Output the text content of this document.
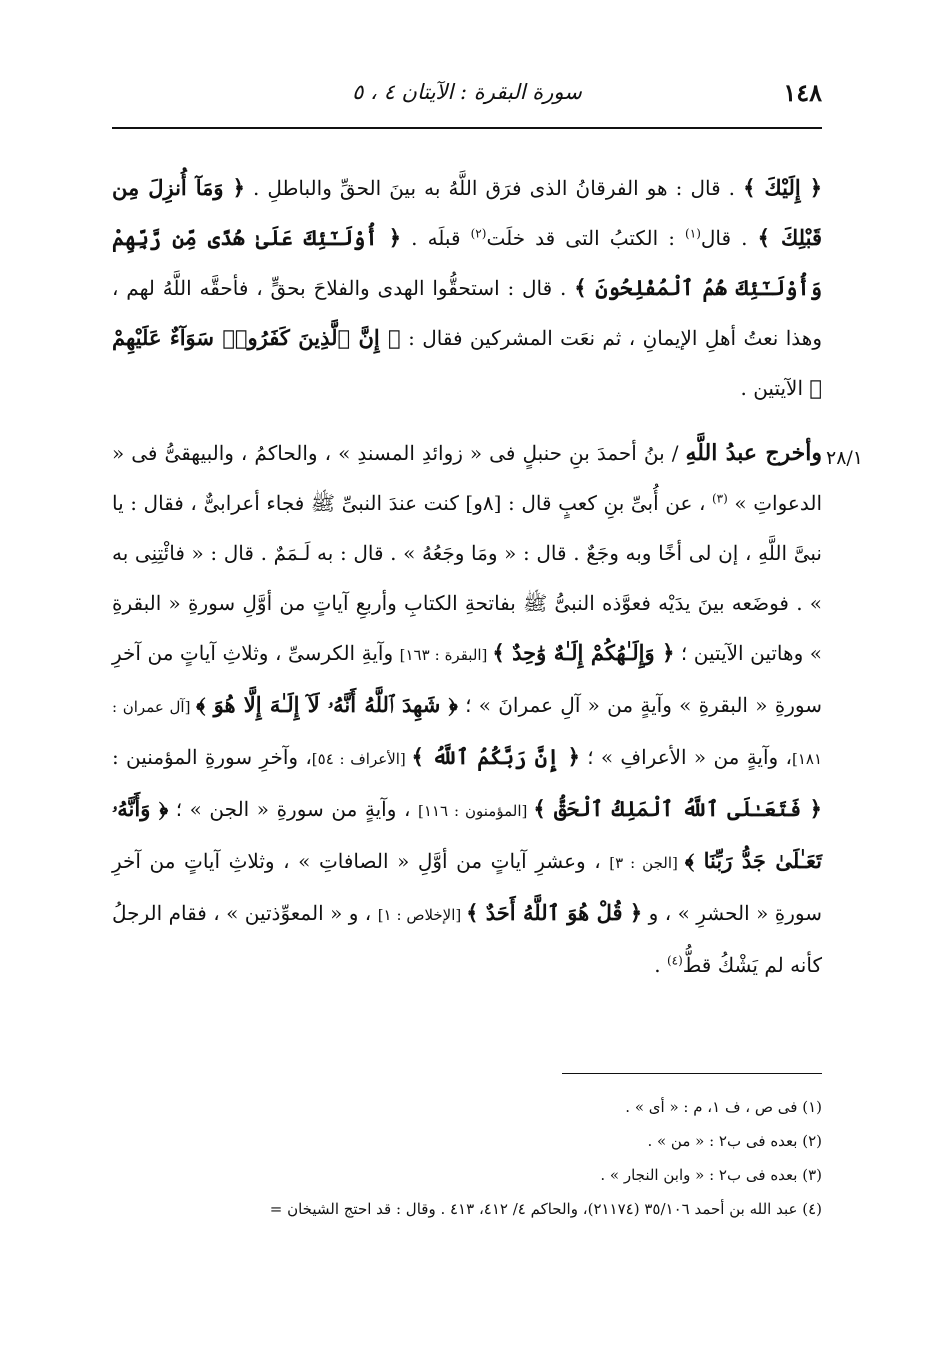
١٤٨
سورة البقرة : الآيتان ٤ ، ٥
٢٨/١
﴿ إِلَيْكَ ﴾ . قال : هو الفرقانُ الذى فرَق اللَّهُ به بينَ الحقِّ والباطلِ . ﴿ وَمَآ أُنزِلَ مِن قَبْلِكَ ﴾ . قال$^{(١)}$ : الكتبُ التى قد خلَت$^{(٢)}$ قبلَه . ﴿ أُوْلَـٰٓئِكَ عَلَىٰ هُدًى مِّن رَّبِّهِمْ وَأُوْلَـٰٓئِكَ هُمُ ٱلْمُفْلِحُونَ ﴾ . قال : استحقُّوا الهدى والفلاحَ بحقٍّ ، فأحقَّه اللَّهُ لهم ، وهذا نعتُ أهلِ الإيمانِ ، ثم نعَت المشركين فقال : ﴿ إِنَّ ٱلَّذِينَ كَفَرُوا۟ سَوَآءٌ عَلَيْهِمْ ﴾ الآيتين .
وأخرج عبدُ اللَّهِ / بنُ أحمدَ بنِ حنبلٍ فى « زوائدِ المسندِ » ، والحاكمُ ، والبيهقىُّ فى « الدعواتِ » $^{(٣)}$ ، عن أُبىِّ بنِ كعبٍ قال : [٨و] كنت عندَ النبىِّ ﷺ فجاء أعرابىٌّ ، فقال : يا نبىَّ اللَّهِ ، إن لى أخًا وبه وجَعٌ . قال : « ومَا وجَعُهُ » . قال : به لَـمَمٌ . قال : « فائْتِنِى به » . فوضَعه بينَ يدَيْه فعوَّذه النبىُّ ﷺ بفاتحةِ الكتابِ وأربعِ آياتٍ من أوَّلِ سورةِ « البقرةِ » وهاتين الآيتين ؛ ﴿ وَإِلَـٰهُكُمْ إِلَـٰهٌ وَٰحِدٌ ﴾ [البقرة : ١٦٣] وآيةِ الكرسىِّ ، وثلاثِ آياتٍ من آخرِ سورةِ « البقرةِ » وآيةٍ من « آلِ عمرانَ » ؛ ﴿ شَهِدَ ٱللَّهُ أَنَّهُۥ لَآ إِلَـٰهَ إِلَّا هُوَ ﴾ [آل عمران : ١٨١]، وآيةٍ من « الأعرافِ » ؛ ﴿ إِنَّ رَبَّكُمُ ٱللَّهُ ﴾ [الأعراف : ٥٤]، وآخرِ سورةِ المؤمنين : ﴿ فَتَعَـٰلَى ٱللَّهُ ٱلْمَلِكُ ٱلْحَقُّ ﴾ [المؤمنون : ١١٦] ، وآيةٍ من سورةِ « الجن » ؛ ﴿ وَأَنَّهُۥ تَعَـٰلَىٰ جَدُّ رَبِّنَا ﴾ [الجن : ٣] ، وعشرِ آياتٍ من أوَّلِ « الصافاتِ » ، وثلاثِ آياتٍ من آخرِ سورةِ « الحشرِ » ، و ﴿ قُلْ هُوَ ٱللَّهُ أَحَدٌ ﴾ [الإخلاص : ١] ، و « المعوِّذتين » ، فقام الرجلُ كأنه لم يَشْكُ قطُّ$^{(٤)}$ .
(١) فى ص ، ف ١، م : « أى » .
(٢) بعده فى ب٢ : « من » .
(٣) بعده فى ب٢ : « وابن النجار » .
(٤) عبد الله بن أحمد ٣٥/١٠٦ (٢١١٧٤)، والحاكم ٤/ ٤١٢، ٤١٣ . وقال : قد احتج الشيخان =
